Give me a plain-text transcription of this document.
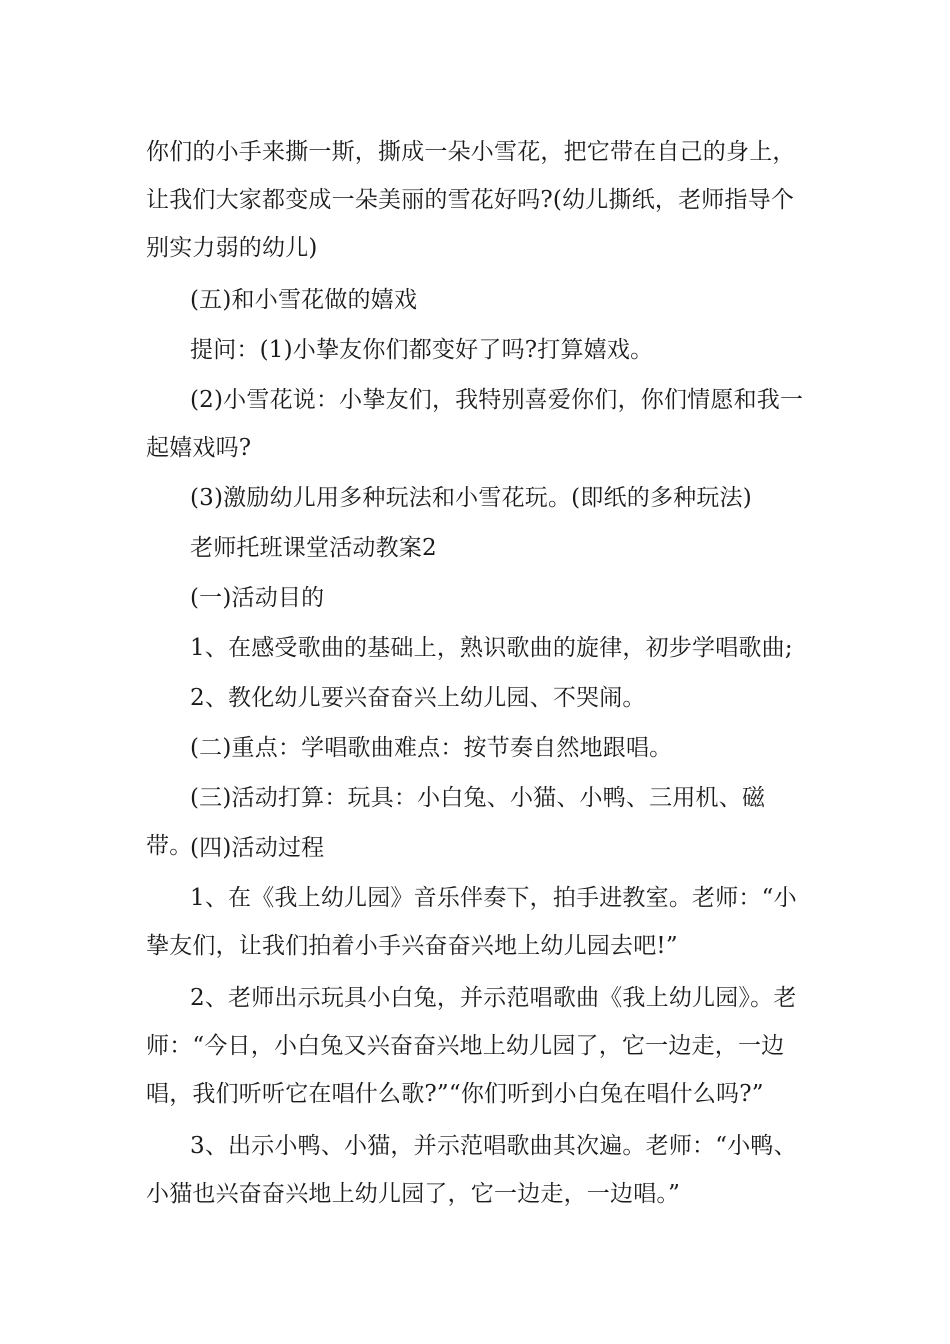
你们的小手来撕一斯，撕成一朵小雪花，把它带在自己的身上，让我们大家都变成一朵美丽的雪花好吗?(幼儿撕纸，老师指导个别实力弱的幼儿)

(五)和小雪花做的嬉戏

提问：(1)小挚友你们都变好了吗?打算嬉戏。

(2)小雪花说：小挚友们，我特别喜爱你们，你们情愿和我一起嬉戏吗?

(3)激励幼儿用多种玩法和小雪花玩。(即纸的多种玩法)

老师托班课堂活动教案2

(一)活动目的

1、在感受歌曲的基础上，熟识歌曲的旋律，初步学唱歌曲;

2、教化幼儿要兴奋奋兴上幼儿园、不哭闹。

(二)重点：学唱歌曲难点：按节奏自然地跟唱。

(三)活动打算：玩具：小白兔、小猫、小鸭、三用机、磁带。

(四)活动过程

1、在《我上幼儿园》音乐伴奏下，拍手进教室。老师：“小挚友们，让我们拍着小手兴奋奋兴地上幼儿园去吧!”

2、老师出示玩具小白兔，并示范唱歌曲《我上幼儿园》。老师：“今日，小白兔又兴奋奋兴地上幼儿园了，它一边走，一边唱，我们听听它在唱什么歌?”“你们听到小白兔在唱什么吗?”

3、出示小鸭、小猫，并示范唱歌曲其次遍。老师：“小鸭、小猫也兴奋奋兴地上幼儿园了，它一边走，一边唱。”
